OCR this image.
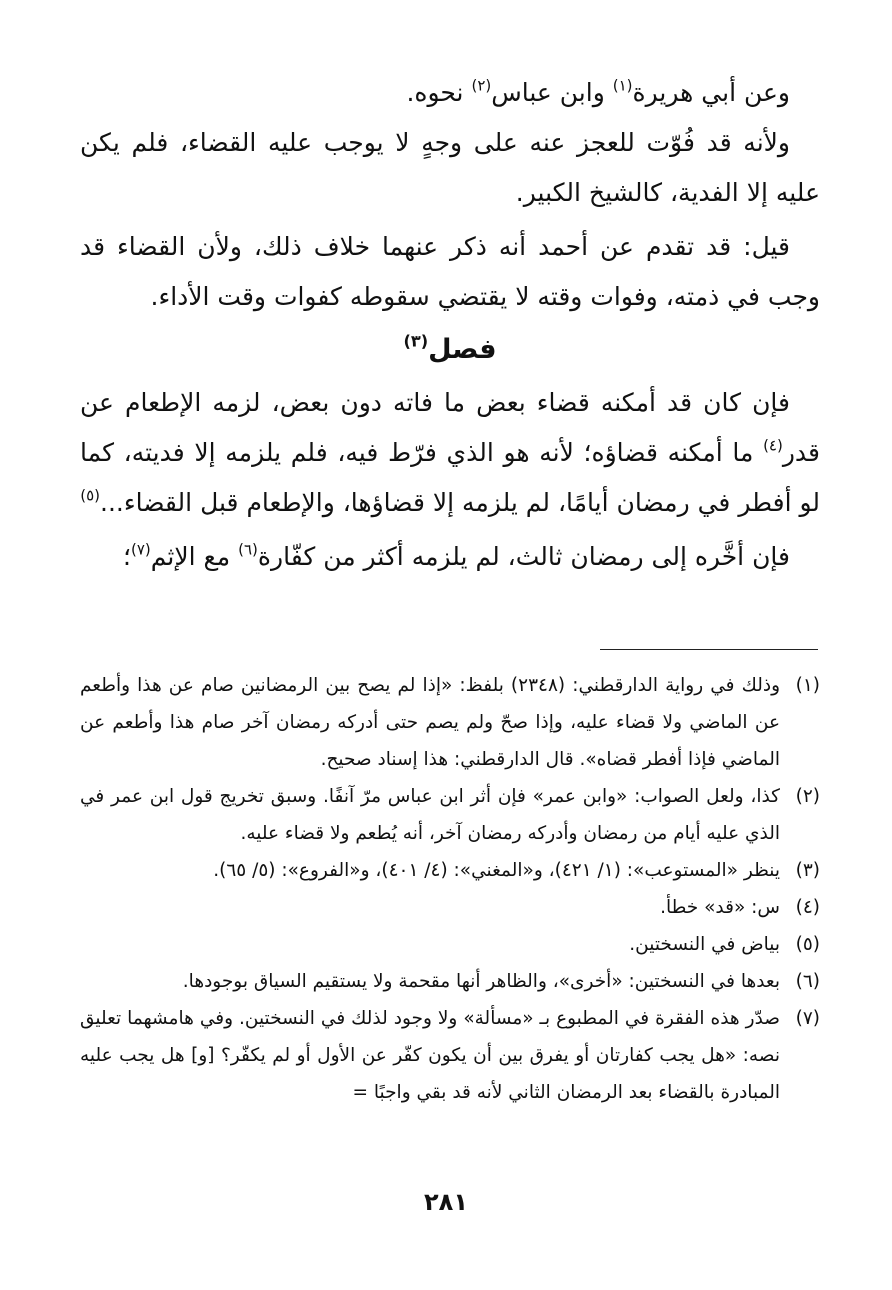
وعن أبي هريرة$^{(١)}$ وابن عباس$^{(٢)}$ نحوه.

ولأنه قد فُوّت للعجز عنه على وجهٍ لا يوجب عليه القضاء، فلم يكن عليه إلا الفدية، كالشيخ الكبير.

قيل: قد تقدم عن أحمد أنه ذكر عنهما خلاف ذلك، ولأن القضاء قد وجب في ذمته، وفوات وقته لا يقتضي سقوطه كفوات وقت الأداء.

فصل$^{(٣)}$

فإن كان قد أمكنه قضاء بعض ما فاته دون بعض، لزمه الإطعام عن قدر$^{(٤)}$ ما أمكنه قضاؤه؛ لأنه هو الذي فرّط فيه، فلم يلزمه إلا فديته، كما لو أفطر في رمضان أيامًا، لم يلزمه إلا قضاؤها، والإطعام قبل القضاء...$^{(٥)}$

فإن أخَّره إلى رمضان ثالث، لم يلزمه أكثر من كفّارة$^{(٦)}$ مع الإثم$^{(٧)}$؛

(١)
وذلك في رواية الدارقطني: (٢٣٤٨) بلفظ: «إذا لم يصح بين الرمضانين صام عن هذا وأطعم عن الماضي ولا قضاء عليه، وإذا صحّ ولم يصم حتى أدركه رمضان آخر صام هذا وأطعم عن الماضي فإذا أفطر قضاه». قال الدارقطني: هذا إسناد صحيح.
(٢)
كذا، ولعل الصواب: «وابن عمر» فإن أثر ابن عباس مرّ آنفًا. وسبق تخريج قول ابن عمر في الذي عليه أيام من رمضان وأدركه رمضان آخر، أنه يُطعم ولا قضاء عليه.
(٣)
ينظر «المستوعب»: (١/ ٤٢١)، و«المغني»: (٤/ ٤٠١)، و«الفروع»: (٥/ ٦٥).
(٤)
س: «قد» خطأ.
(٥)
بياض في النسختين.
(٦)
بعدها في النسختين: «أخرى»، والظاهر أنها مقحمة ولا يستقيم السياق بوجودها.
(٧)
صدّر هذه الفقرة في المطبوع بـ «مسألة» ولا وجود لذلك في النسختين. وفي هامشهما تعليق نصه: «هل يجب كفارتان أو يفرق بين أن يكون كفّر عن الأول أو لم يكفّر؟ [و] هل يجب عليه المبادرة بالقضاء بعد الرمضان الثاني لأنه قد بقي واجبًا =
٢٨١
